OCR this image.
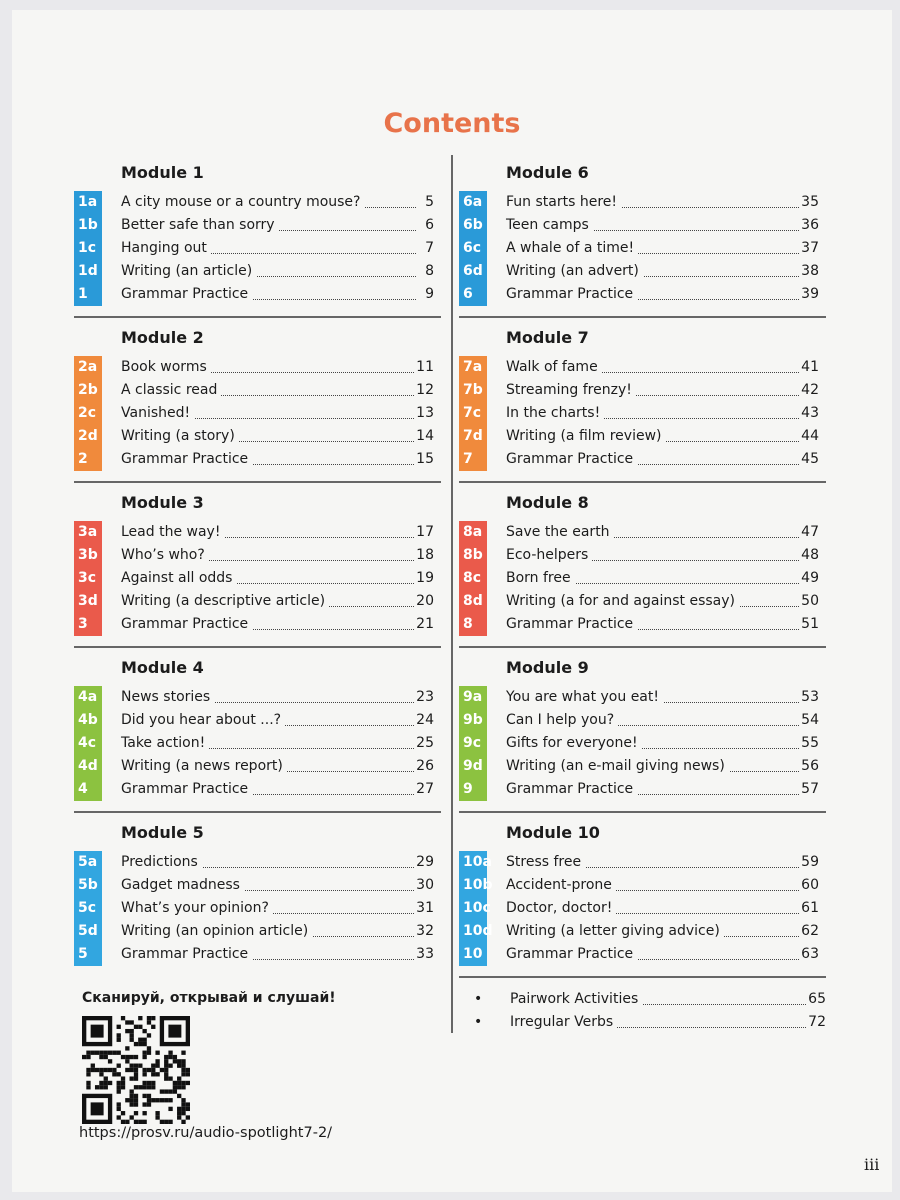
Contents
Module 1
1a	A city mouse or a country mouse?	5
1b	Better safe than sorry	6
1c	Hanging out	7
1d	Writing (an article)	8
1	Grammar Practice	9
Module 6
6a	Fun starts here!	35
6b	Teen camps	36
6c	A whale of a time!	37
6d	Writing (an advert)	38
6	Grammar Practice	39
Module 2
2a	Book worms	11
2b	A classic read	12
2c	Vanished!	13
2d	Writing (a story)	14
2	Grammar Practice	15
Module 7
7a	Walk of fame	41
7b	Streaming frenzy!	42
7c	In the charts!	43
7d	Writing (a film review)	44
7	Grammar Practice	45
Module 3
3a	Lead the way!	17
3b	Who’s who?	18
3c	Against all odds	19
3d	Writing (a descriptive article)	20
3	Grammar Practice	21
Module 8
8a	Save the earth	47
8b	Eco-helpers	48
8c	Born free	49
8d	Writing (a for and against essay)	50
8	Grammar Practice	51
Module 4
4a	News stories	23
4b	Did you hear about ...?	24
4c	Take action!	25
4d	Writing (a news report)	26
4	Grammar Practice	27
Module 9
9a	You are what you eat!	53
9b	Can I help you?	54
9c	Gifts for everyone!	55
9d	Writing (an e-mail giving news)	56
9	Grammar Practice	57
Module 5
5a	Predictions	29
5b	Gadget madness	30
5c	What’s your opinion?	31
5d	Writing (an opinion article)	32
5	Grammar Practice	33
Module 10
10a Stress free	59
10b Accident-prone	60
10c Doctor, doctor!	61
10d Writing (a letter giving advice)	62
10	Grammar Practice	63
• Pairwork Activities	65
• Irregular Verbs	72
Сканируй, открывай и слушай!
https://prosv.ru/audio-spotlight7-2/
iii
